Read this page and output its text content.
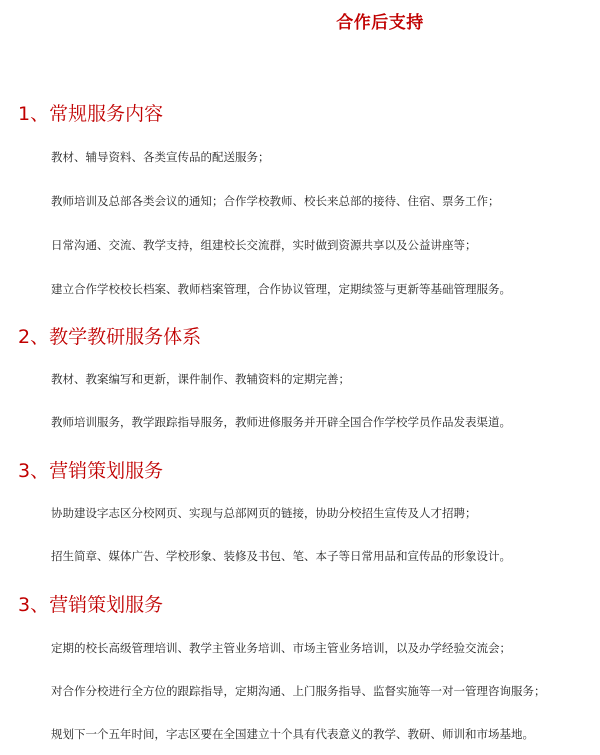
合作后支持
1、常规服务内容

教材、辅导资料、各类宣传品的配送服务；

教师培训及总部各类会议的通知；合作学校教师、校长来总部的接待、住宿、票务工作；

日常沟通、交流、教学支持，组建校长交流群，实时做到资源共享以及公益讲座等；

建立合作学校校长档案、教师档案管理，合作协议管理，定期续签与更新等基础管理服务。

2、教学教研服务体系

教材、教案编写和更新，课件制作、教辅资料的定期完善；

教师培训服务，教学跟踪指导服务，教师进修服务并开辟全国合作学校学员作品发表渠道。

3、营销策划服务

协助建设字志区分校网页、实现与总部网页的链接，协助分校招生宣传及人才招聘；

招生简章、媒体广告、学校形象、装修及书包、笔、本子等日常用品和宣传品的形象设计。

3、营销策划服务

定期的校长高级管理培训、教学主管业务培训、市场主管业务培训，以及办学经验交流会；

对合作分校进行全方位的跟踪指导，定期沟通、上门服务指导、监督实施等一对一管理咨询服务；

规划下一个五年时间，字志区要在全国建立十个具有代表意义的教学、教研、师训和市场基地。
